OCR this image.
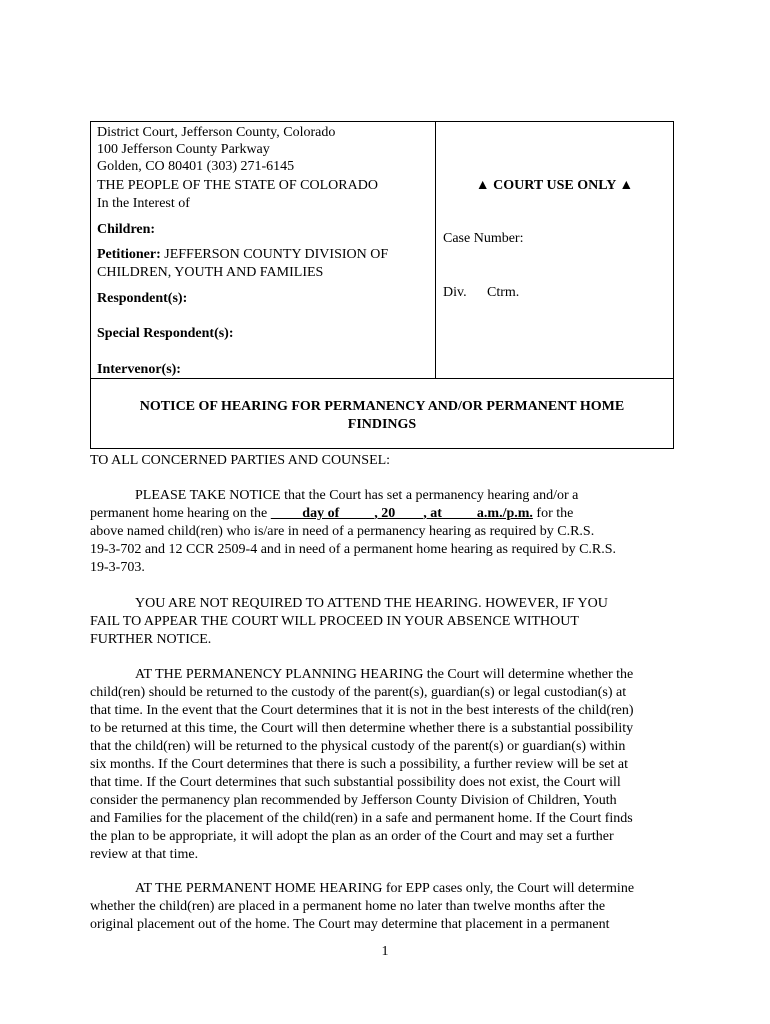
District Court, Jefferson County, Colorado
100 Jefferson County Parkway
Golden, CO 80401 (303) 271-6145
THE PEOPLE OF THE STATE OF COLORADO
In the Interest of
Children:
Petitioner: JEFFERSON COUNTY DIVISION OF
CHILDREN, YOUTH AND FAMILIES
Respondent(s):
Special Respondent(s):
Intervenor(s):
▲ COURT USE ONLY ▲
Case Number:
Div. Ctrm.
NOTICE OF HEARING FOR PERMANENCY AND/OR PERMANENT HOME
FINDINGS
TO ALL CONCERNED PARTIES AND COUNSEL:
PLEASE TAKE NOTICE that the Court has set a permanency hearing and/or a
permanent home hearing on the          day of          , 20        , at          a.m./p.m. for the
above named child(ren) who is/are in need of a permanency hearing as required by C.R.S.
19-3-702 and 12 CCR 2509-4 and in need of a permanent home hearing as required by C.R.S.
19-3-703.
YOU ARE NOT REQUIRED TO ATTEND THE HEARING. HOWEVER, IF YOU
FAIL TO APPEAR THE COURT WILL PROCEED IN YOUR ABSENCE WITHOUT
FURTHER NOTICE.
AT THE PERMANENCY PLANNING HEARING the Court will determine whether the
child(ren) should be returned to the custody of the parent(s), guardian(s) or legal custodian(s) at
that time. In the event that the Court determines that it is not in the best interests of the child(ren)
to be returned at this time, the Court will then determine whether there is a substantial possibility
that the child(ren) will be returned to the physical custody of the parent(s) or guardian(s) within
six months. If the Court determines that there is such a possibility, a further review will be set at
that time. If the Court determines that such substantial possibility does not exist, the Court will
consider the permanency plan recommended by Jefferson County Division of Children, Youth
and Families for the placement of the child(ren) in a safe and permanent home. If the Court finds
the plan to be appropriate, it will adopt the plan as an order of the Court and may set a further
review at that time.
AT THE PERMANENT HOME HEARING for EPP cases only, the Court will determine
whether the child(ren) are placed in a permanent home no later than twelve months after the
original placement out of the home. The Court may determine that placement in a permanent
1
